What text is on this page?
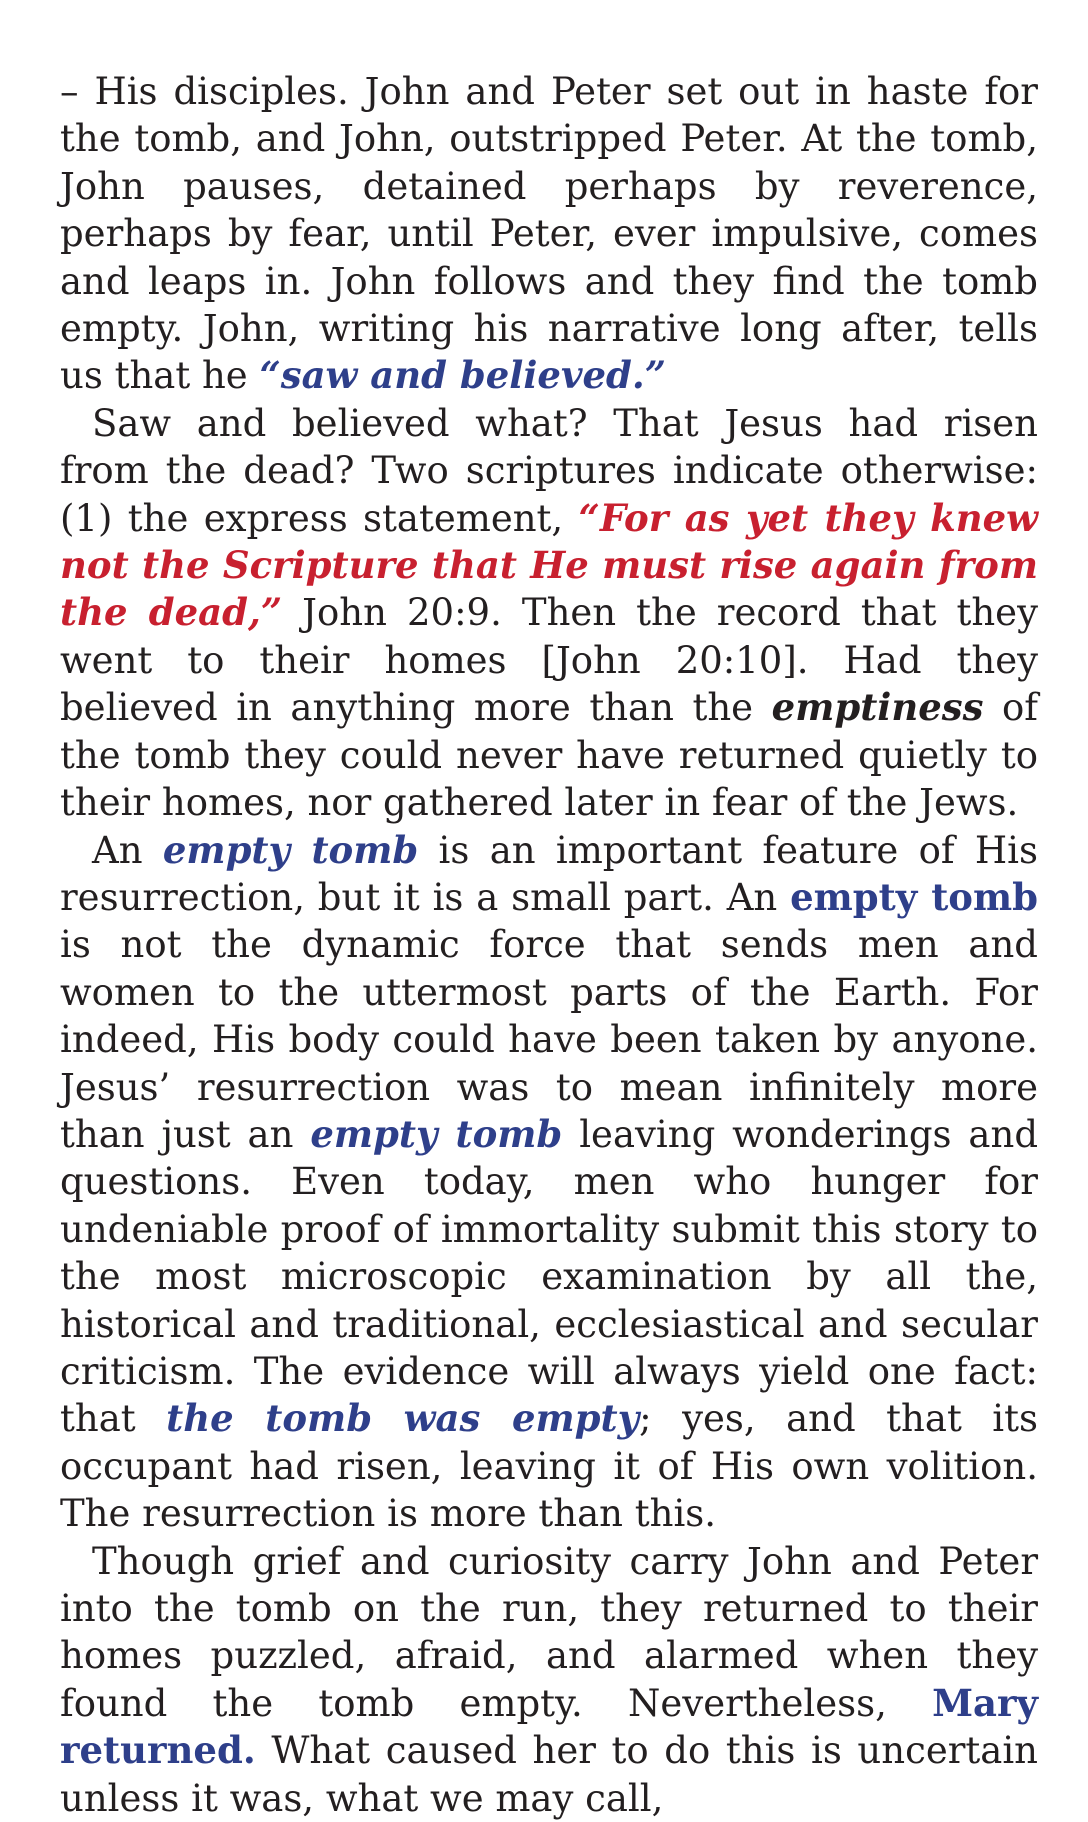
– His disciples. John and Peter set out in haste for the tomb, and John, outstripped Peter. At the tomb, John pauses, detained perhaps by reverence, perhaps by fear, until Peter, ever impulsive, comes and leaps in. John follows and they find the tomb empty. John, writing his narrative long after, tells us that he “saw and believed.”

Saw and believed what? That Jesus had risen from the dead? Two scriptures indicate otherwise: (1) the express statement, “For as yet they knew not the Scripture that He must rise again from the dead,” John 20:9. Then the record that they went to their homes [John 20:10]. Had they believed in anything more than the emptiness of the tomb they could never have returned quietly to their homes, nor gathered later in fear of the Jews.

An empty tomb is an important feature of His resurrection, but it is a small part. An empty tomb is not the dynamic force that sends men and women to the uttermost parts of the Earth. For indeed, His body could have been taken by anyone. Jesus’ resurrection was to mean infinitely more than just an empty tomb leaving wonderings and questions. Even today, men who hunger for undeniable proof of immortality submit this story to the most microscopic examination by all the, historical and traditional, ecclesiastical and secular criticism. The evidence will always yield one fact: that the tomb was empty; yes, and that its occupant had risen, leaving it of His own volition. The resurrection is more than this.

Though grief and curiosity carry John and Peter into the tomb on the run, they returned to their homes puzzled, afraid, and alarmed when they found the tomb empty. Nevertheless, Mary returned. What caused her to do this is uncertain unless it was, what we may call,
